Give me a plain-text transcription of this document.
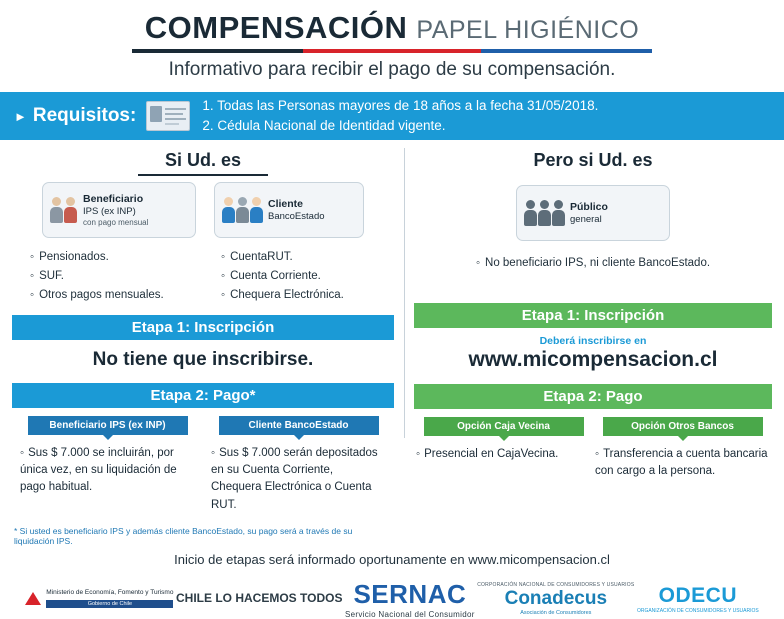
COMPENSACIÓN PAPEL HIGIÉNICO
Informativo para recibir el pago de su compensación.
► Requisitos:	1. Todas las Personas mayores de 18 años a la fecha 31/05/2018.
2. Cédula Nacional de Identidad vigente.
Si Ud. es
Beneficiario
IPS (ex INP)
con pago mensual
Cliente
BancoEstado
◦ Pensionados.
◦ SUF.
◦ Otros pagos mensuales.
◦ CuentaRUT.
◦ Cuenta Corriente.
◦ Chequera Electrónica.
Etapa 1: Inscripción
No tiene que inscribirse.
Etapa 2: Pago*
Beneficiario IPS (ex INP)	Cliente BancoEstado
◦ Sus $ 7.000 se incluirán, por única vez, en su liquidación de pago habitual.
◦ Sus $ 7.000 serán depositados en su Cuenta Corriente, Chequera Electrónica o Cuenta RUT.
* Si usted es beneficiario IPS y además cliente BancoEstado, su pago será a través de su liquidación IPS.
Pero si Ud. es
Público
general
◦ No beneficiario IPS, ni cliente BancoEstado.
Etapa 1: Inscripción
Deberá inscribirse en
www.micompensacion.cl
Etapa 2: Pago
Opción Caja Vecina	Opción Otros Bancos
◦ Presencial en CajaVecina.	◦ Transferencia a cuenta bancaria con cargo a la persona.
Inicio de etapas será informado oportunamente en www.micompensacion.cl
Ministerio de Economía, Fomento y Turismo
Gobierno de Chile	CHILE LO HACEMOS TODOS SERNAC
Servicio Nacional del Consumidor
CORPORACIÓN NACIONAL DE CONSUMIDORES Y USUARIOS
Conadecus
Asociación de Consumidores
ODECU
ORGANIZACIÓN DE CONSUMIDORES Y USUARIOS
